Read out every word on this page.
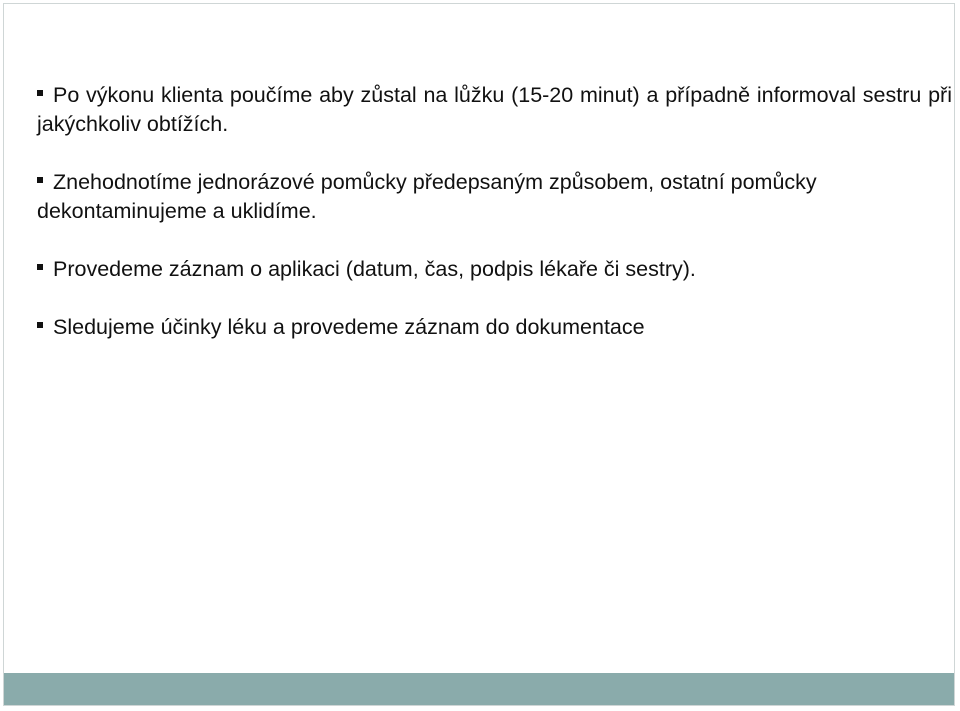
Po výkonu klienta poučíme aby zůstal na lůžku (15-20 minut) a případně informoval sestru při jakýchkoliv obtížích.

Znehodnotíme jednorázové pomůcky předepsaným způsobem, ostatní pomůcky dekontaminujeme a uklidíme.

Provedeme záznam o aplikaci (datum, čas, podpis lékaře či sestry).

Sledujeme účinky léku a provedeme záznam do dokumentace
